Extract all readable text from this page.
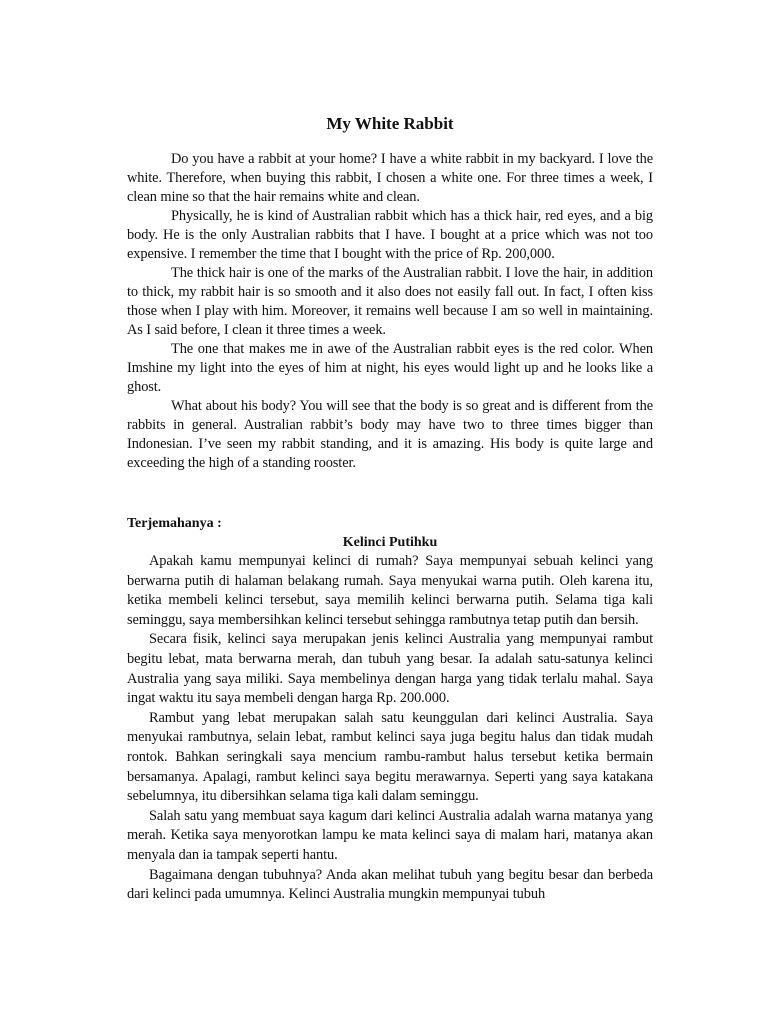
My White Rabbit

Do you have a rabbit at your home? I have a white rabbit in my backyard. I love the white. Therefore, when buying this rabbit, I chosen a white one. For three times a week, I clean mine so that the hair remains white and clean.

Physically, he is kind of Australian rabbit which has a thick hair, red eyes, and a big body. He is the only Australian rabbits that I have. I bought at a price which was not too expensive. I remember the time that I bought with the price of Rp. 200,000.

The thick hair is one of the marks of the Australian rabbit. I love the hair, in addition to thick, my rabbit hair is so smooth and it also does not easily fall out. In fact, I often kiss those when I play with him. Moreover, it remains well because I am so well in maintaining. As I said before, I clean it three times a week.

The one that makes me in awe of the Australian rabbit eyes is the red color. When Imshine my light into the eyes of him at night, his eyes would light up and he looks like a ghost.

What about his body? You will see that the body is so great and is different from the rabbits in general. Australian rabbit’s body may have two to three times bigger than Indonesian. I’ve seen my rabbit standing, and it is amazing. His body is quite large and exceeding the high of a standing rooster.

Terjemahanya :

Kelinci Putihku

Apakah kamu mempunyai kelinci di rumah? Saya mempunyai sebuah kelinci yang berwarna putih di halaman belakang rumah. Saya menyukai warna putih. Oleh karena itu, ketika membeli kelinci tersebut, saya memilih kelinci berwarna putih. Selama tiga kali seminggu, saya membersihkan kelinci tersebut sehingga rambutnya tetap putih dan bersih.

Secara fisik, kelinci saya merupakan jenis kelinci Australia yang mempunyai rambut begitu lebat, mata berwarna merah, dan tubuh yang besar. Ia adalah satu-satunya kelinci Australia yang saya miliki. Saya membelinya dengan harga yang tidak terlalu mahal. Saya ingat waktu itu saya membeli dengan harga Rp. 200.000.

Rambut yang lebat merupakan salah satu keunggulan dari kelinci Australia. Saya menyukai rambutnya, selain lebat, rambut kelinci saya juga begitu halus dan tidak mudah rontok. Bahkan seringkali saya mencium rambu-rambut halus tersebut ketika bermain bersamanya. Apalagi, rambut kelinci saya begitu merawarnya. Seperti yang saya katakana sebelumnya, itu dibersihkan selama tiga kali dalam seminggu.

Salah satu yang membuat saya kagum dari kelinci Australia adalah warna matanya yang merah. Ketika saya menyorotkan lampu ke mata kelinci saya di malam hari, matanya akan menyala dan ia tampak seperti hantu.

Bagaimana dengan tubuhnya? Anda akan melihat tubuh yang begitu besar dan berbeda dari kelinci pada umumnya. Kelinci Australia mungkin mempunyai tubuh
